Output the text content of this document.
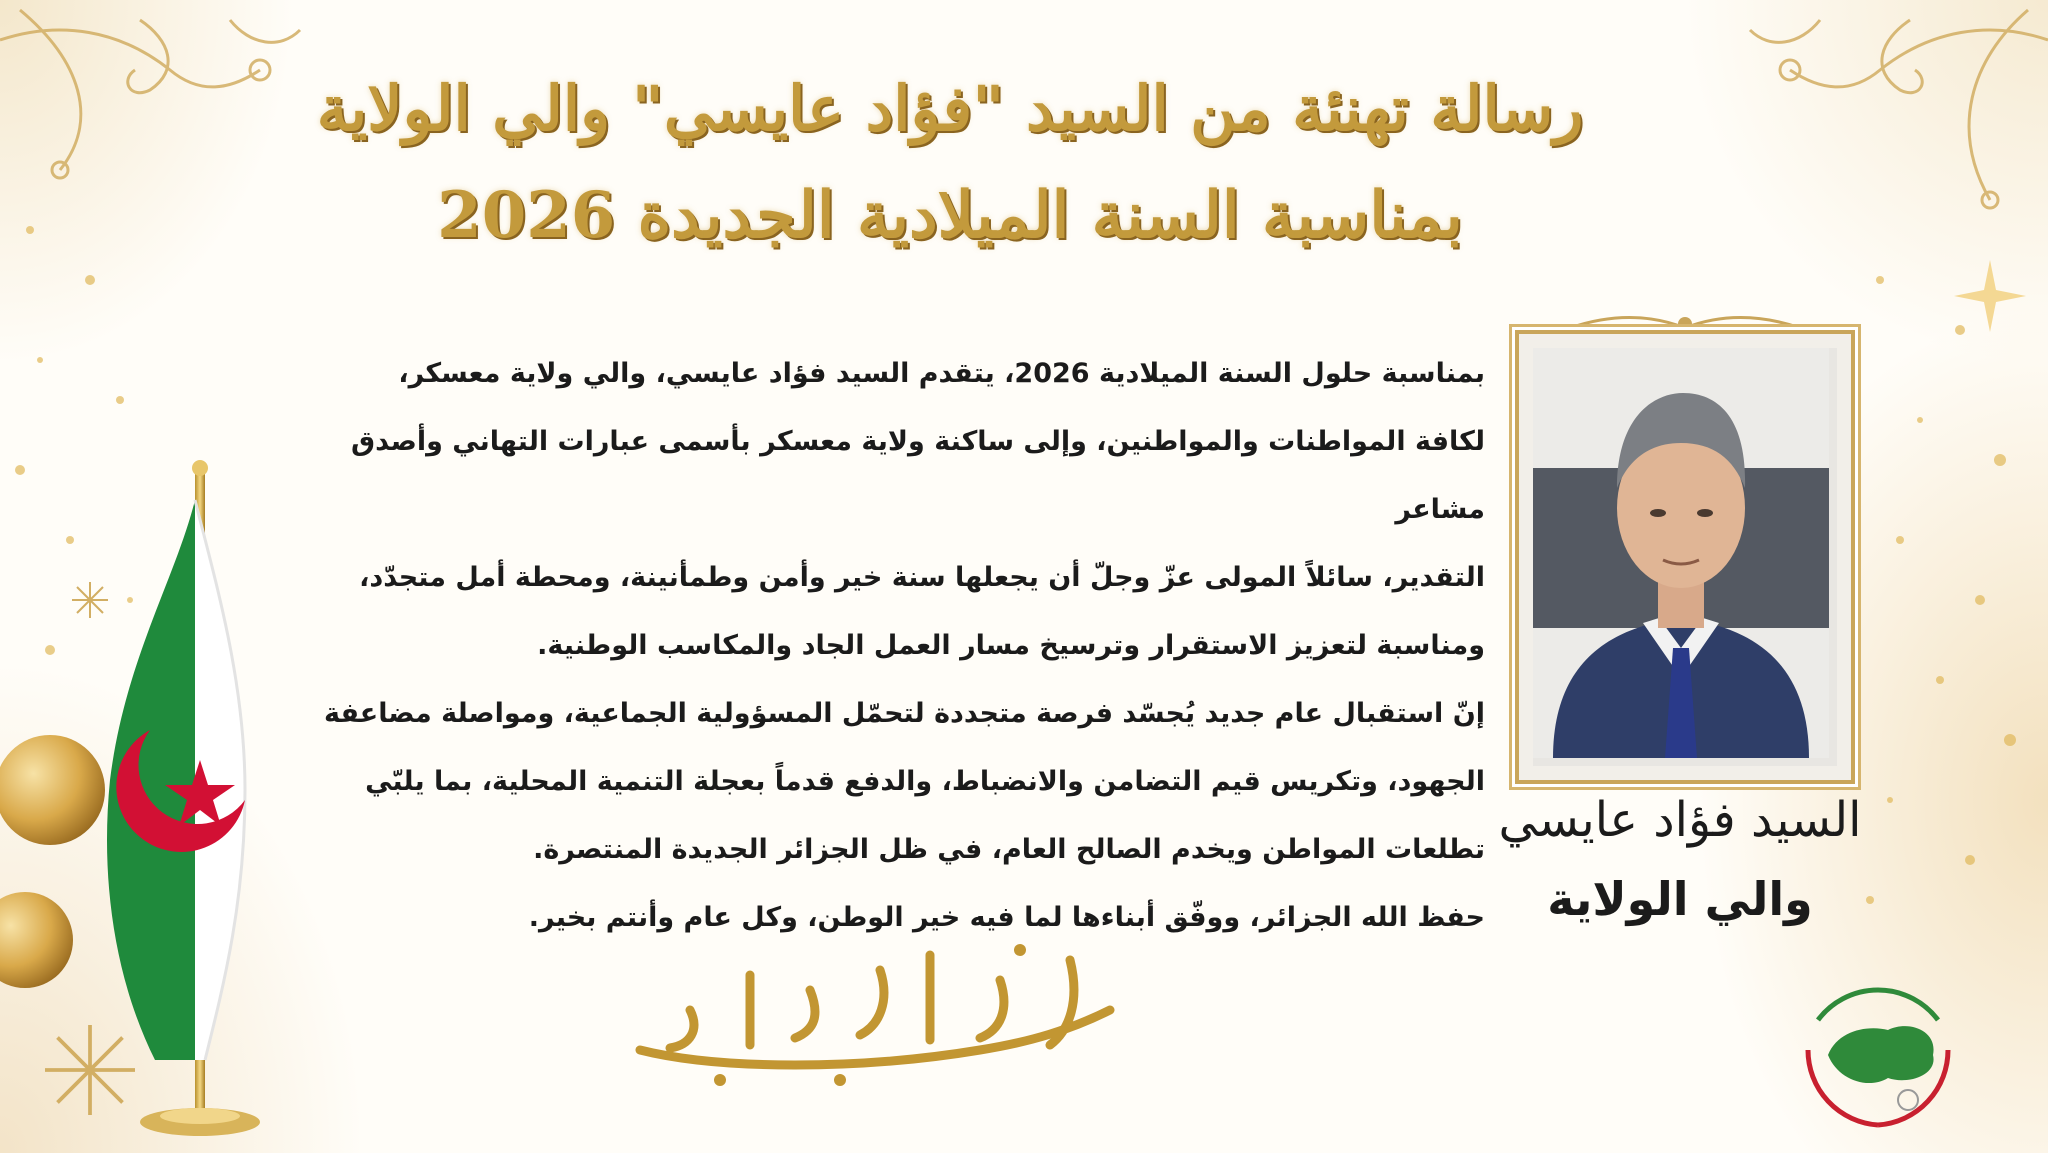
رسالة تهنئة من السيد "فؤاد عايسي" والي الولاية
بمناسبة السنة الميلادية الجديدة 2026

بمناسبة حلول السنة الميلادية 2026، يتقدم السيد فؤاد عايسي، والي ولاية معسكر،

لكافة المواطنات والمواطنين، وإلى ساكنة ولاية معسكر بأسمى عبارات التهاني وأصدق مشاعر

التقدير، سائلاً المولى عزّ وجلّ أن يجعلها سنة خير وأمن وطمأنينة، ومحطة أمل متجدّد،

ومناسبة لتعزيز الاستقرار وترسيخ مسار العمل الجاد والمكاسب الوطنية.

إنّ استقبال عام جديد يُجسّد فرصة متجددة لتحمّل المسؤولية الجماعية، ومواصلة مضاعفة

الجهود، وتكريس قيم التضامن والانضباط، والدفع قدماً بعجلة التنمية المحلية، بما يلبّي

تطلعات المواطن ويخدم الصالح العام، في ظل الجزائر الجديدة المنتصرة.

حفظ الله الجزائر، ووفّق أبناءها لما فيه خير الوطن، وكل عام وأنتم بخير.

السيد فؤاد عايسي
والي الولاية
